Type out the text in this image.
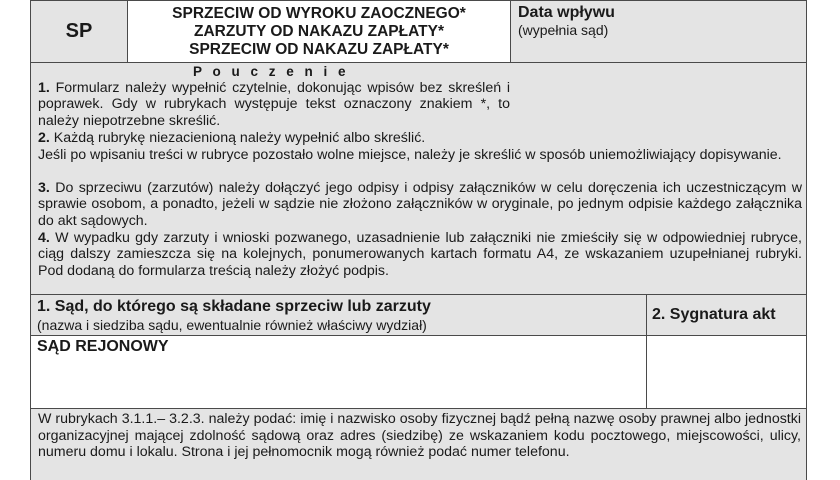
SP
SPRZECIW OD WYROKU ZAOCZNEGO*
ZARZUTY OD NAKAZU ZAPŁATY*
SPRZECIW OD NAKAZU ZAPŁATY*
Data wpływu
(wypełnia sąd)
P o u c z e n i e
1. Formularz należy wypełnić czytelnie, dokonując wpisów bez skreśleń i poprawek. Gdy w rubrykach występuje tekst oznaczony znakiem *, to należy niepotrzebne skreślić.
2. Każdą rubrykę niezacienioną należy wypełnić albo skreślić.
Jeśli po wpisaniu treści w rubryce pozostało wolne miejsce, należy je skreślić w sposób uniemożliwiający dopisywanie.
3. Do sprzeciwu (zarzutów) należy dołączyć jego odpisy i odpisy załączników w celu doręczenia ich uczestniczącym w sprawie osobom, a ponadto, jeżeli w sądzie nie złożono załączników w oryginale, po jednym odpisie każdego załącznika do akt sądowych.
4. W wypadku gdy zarzuty i wnioski pozwanego, uzasadnienie lub załączniki nie zmieściły się w odpowiedniej rubryce, ciąg dalszy zamieszcza się na kolejnych, ponumerowanych kartach formatu A4, ze wskazaniem uzupełnianej rubryki. Pod dodaną do formularza treścią należy złożyć podpis.
1. Sąd, do którego są składane sprzeciw lub zarzuty
(nazwa i siedziba sądu, ewentualnie również właściwy wydział)
2. Sygnatura akt
SĄD REJONOWY
W rubrykach 3.1.1.– 3.2.3. należy podać: imię i nazwisko osoby fizycznej bądź pełną nazwę osoby prawnej albo jednostki organizacyjnej mającej zdolność sądową oraz adres (siedzibę) ze wskazaniem kodu pocztowego, miejscowości, ulicy, numeru domu i lokalu. Strona i jej pełnomocnik mogą również podać numer telefonu.
